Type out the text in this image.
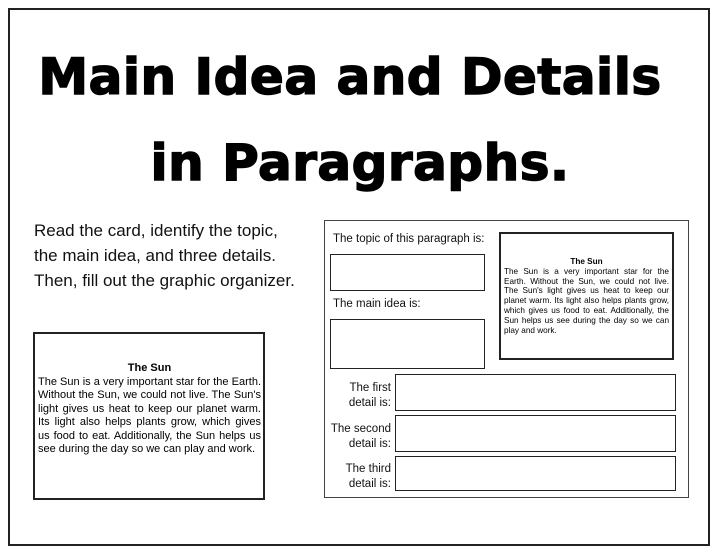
Main Idea and Details
in Paragraphs.
Read the card, identify the topic, the main idea, and three details. Then, fill out the graphic organizer.
The Sun
The Sun is a very important star for the Earth. Without the Sun, we could not live. The Sun's light gives us heat to keep our planet warm. Its light also helps plants grow, which gives us food to eat. Additionally, the Sun helps us see during the day so we can play and work.
The topic of this paragraph is:
The main idea is:
The first
detail is:
The second
detail is:
The third
detail is:
The Sun
The Sun is a very important star for the Earth. Without the Sun, we could not live. The Sun's light gives us heat to keep our planet warm. Its light also helps plants grow, which gives us food to eat. Additionally, the Sun helps us see during the day so we can play and work.
